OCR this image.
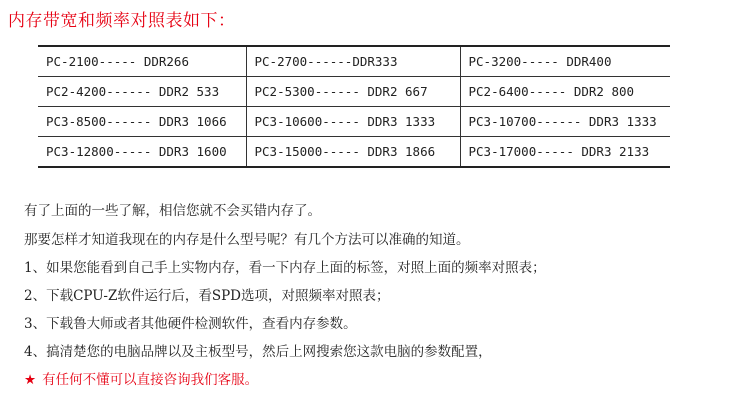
内存带宽和频率对照表如下：
PC-2100----- DDR266	PC-2700------DDR333	PC-3200----- DDR400
PC2-4200------ DDR2 533	PC2-5300------ DDR2 667	PC2-6400----- DDR2 800
PC3-8500------ DDR3 1066	PC3-10600----- DDR3 1333	PC3-10700------ DDR3 1333
PC3-12800----- DDR3 1600	PC3-15000----- DDR3 1866	PC3-17000----- DDR3 2133
有了上面的一些了解，相信您就不会买错内存了。
那要怎样才知道我现在的内存是什么型号呢？有几个方法可以准确的知道。
1、如果您能看到自己手上实物内存，看一下内存上面的标签，对照上面的频率对照表；
2、下载CPU-Z软件运行后，看SPD选项，对照频率对照表；
3、下载鲁大师或者其他硬件检测软件，查看内存参数。
4、搞清楚您的电脑品牌以及主板型号，然后上网搜索您这款电脑的参数配置，
★ 有任何不懂可以直接咨询我们客服。
